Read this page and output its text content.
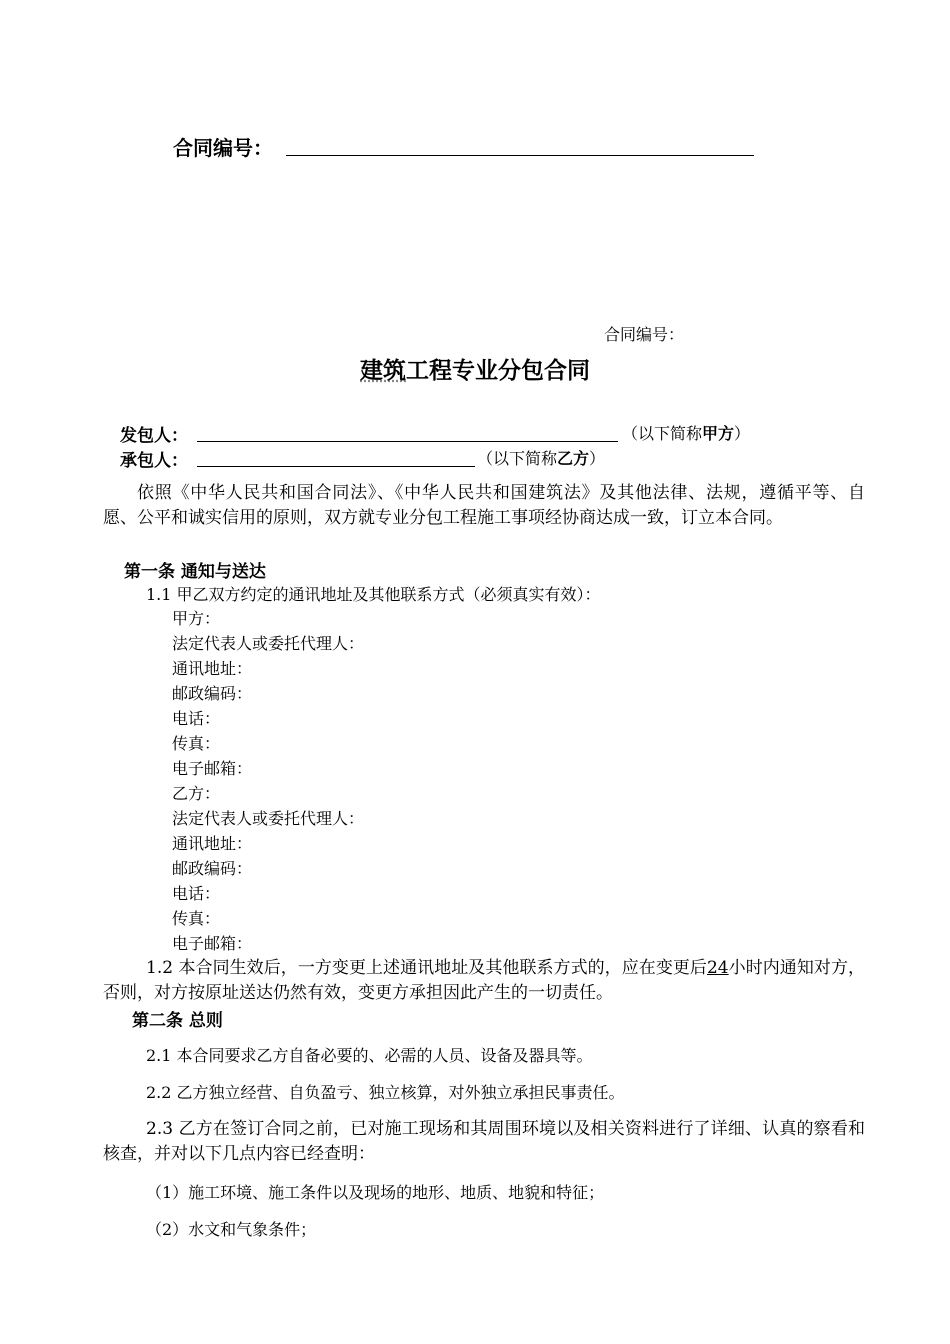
合同编号：
合同编号：
建筑工程专业分包合同
发包人：	（以下简称甲方）
承包人：	（以下简称乙方）
依照《中华人民共和国合同法》、《中华人民共和国建筑法》及其他法律、法规，遵循平等、自愿、公平和诚实信用的原则，双方就专业分包工程施工事项经协商达成一致，订立本合同。
第一条 通知与送达
1.1 甲乙双方约定的通讯地址及其他联系方式（必须真实有效）：
甲方：
法定代表人或委托代理人：
通讯地址：
邮政编码：
电话：
传真：
电子邮箱：
乙方：
法定代表人或委托代理人：
通讯地址：
邮政编码：
电话：
传真：
电子邮箱：
1.2 本合同生效后，一方变更上述通讯地址及其他联系方式的，应在变更后24小时内通知对方，否则，对方按原址送达仍然有效，变更方承担因此产生的一切责任。
第二条 总则
2.1 本合同要求乙方自备必要的、必需的人员、设备及器具等。
2.2 乙方独立经营、自负盈亏、独立核算，对外独立承担民事责任。
2.3 乙方在签订合同之前，已对施工现场和其周围环境以及相关资料进行了详细、认真的察看和核查，并对以下几点内容已经查明：
（1）施工环境、施工条件以及现场的地形、地质、地貌和特征；
（2）水文和气象条件；
